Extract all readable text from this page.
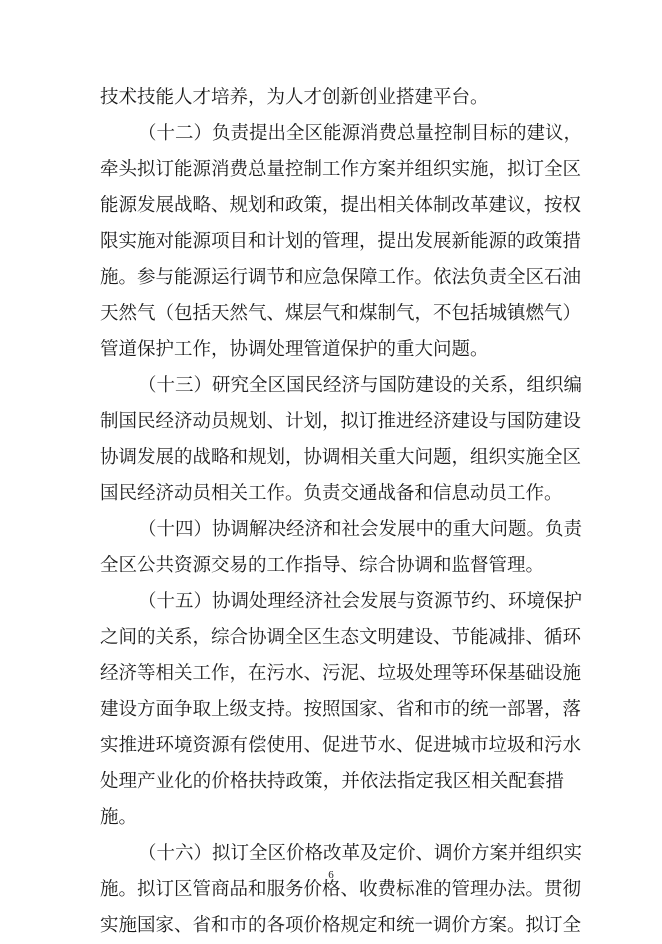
技术技能人才培养，为人才创新创业搭建平台。
（十二）负责提出全区能源消费总量控制目标的建议，
牵头拟订能源消费总量控制工作方案并组织实施，拟订全区
能源发展战略、规划和政策，提出相关体制改革建议，按权
限实施对能源项目和计划的管理，提出发展新能源的政策措
施。参与能源运行调节和应急保障工作。依法负责全区石油
天然气（包括天然气、煤层气和煤制气，不包括城镇燃气）
管道保护工作，协调处理管道保护的重大问题。
（十三）研究全区国民经济与国防建设的关系，组织编
制国民经济动员规划、计划，拟订推进经济建设与国防建设
协调发展的战略和规划，协调相关重大问题，组织实施全区
国民经济动员相关工作。负责交通战备和信息动员工作。
（十四）协调解决经济和社会发展中的重大问题。负责
全区公共资源交易的工作指导、综合协调和监督管理。
（十五）协调处理经济社会发展与资源节约、环境保护
之间的关系，综合协调全区生态文明建设、节能减排、循环
经济等相关工作，在污水、污泥、垃圾处理等环保基础设施
建设方面争取上级支持。按照国家、省和市的统一部署，落
实推进环境资源有偿使用、促进节水、促进城市垃圾和污水
处理产业化的价格扶持政策，并依法指定我区相关配套措
施。
（十六）拟订全区价格改革及定价、调价方案并组织实
施。拟订区管商品和服务价格、收费标准的管理办法。贯彻
实施国家、省和市的各项价格规定和统一调价方案。拟订全
6
